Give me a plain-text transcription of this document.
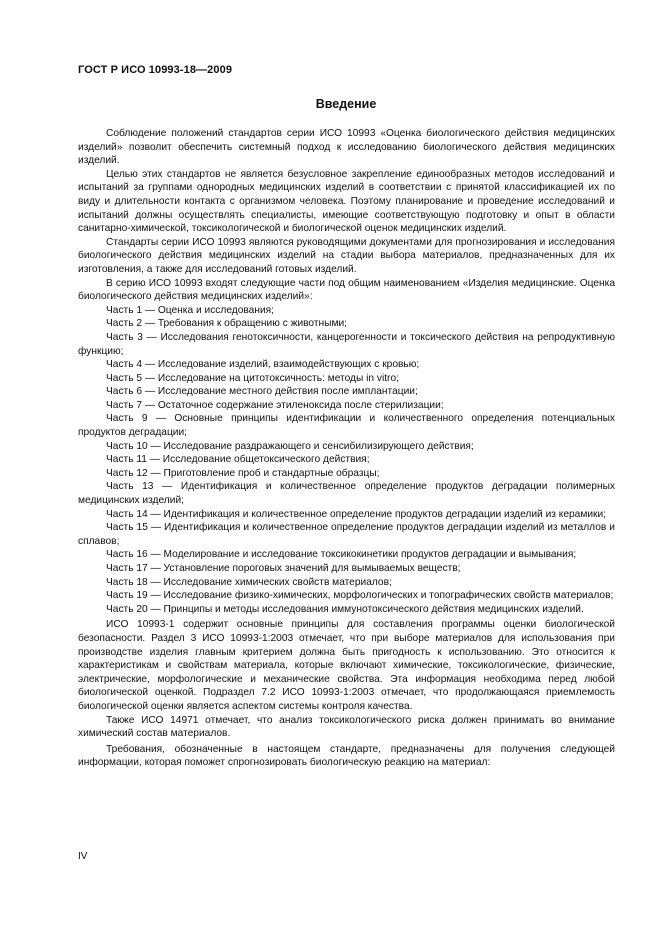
ГОСТ Р ИСО 10993-18—2009
Введение

Соблюдение положений стандартов серии ИСО 10993 «Оценка биологического действия медицинских изделий» позволит обеспечить системный подход к исследованию биологического действия медицинских изделий.

Целью этих стандартов не является безусловное закрепление единообразных методов исследований и испытаний за группами однородных медицинских изделий в соответствии с принятой классификацией их по виду и длительности контакта с организмом человека. Поэтому планирование и проведение исследований и испытаний должны осуществлять специалисты, имеющие соответствующую подготовку и опыт в области санитарно-химической, токсикологической и биологической оценок медицинских изделий.

Стандарты серии ИСО 10993 являются руководящими документами для прогнозирования и исследования биологического действия медицинских изделий на стадии выбора материалов, предназначенных для их изготовления, а также для исследований готовых изделий.

В серию ИСО 10993 входят следующие части под общим наименованием «Изделия медицинские. Оценка биологического действия медицинских изделий»:

Часть 1 — Оценка и исследования;

Часть 2 — Требования к обращению с животными;

Часть 3 — Исследования генотоксичности, канцерогенности и токсического действия на репродуктивную функцию;

Часть 4 — Исследование изделий, взаимодействующих с кровью;

Часть 5 — Исследование на цитотоксичность: методы in vitro;

Часть 6 — Исследование местного действия после имплантации;

Часть 7 — Остаточное содержание этиленоксида после стерилизации;

Часть 9 — Основные принципы идентификации и количественного определения потенциальных продуктов деградации;

Часть 10 — Исследование раздражающего и сенсибилизирующего действия;

Часть 11 — Исследование общетоксического действия;

Часть 12 — Приготовление проб и стандартные образцы;

Часть 13 — Идентификация и количественное определение продуктов деградации полимерных медицинских изделий;

Часть 14 — Идентификация и количественное определение продуктов деградации изделий из керамики;

Часть 15 — Идентификация и количественное определение продуктов деградации изделий из металлов и сплавов;

Часть 16 — Моделирование и исследование токсикокинетики продуктов деградации и вымывания;

Часть 17 — Установление пороговых значений для вымываемых веществ;

Часть 18 — Исследование химических свойств материалов;

Часть 19 — Исследование физико-химических, морфологических и топографических свойств материалов;

Часть 20 — Принципы и методы исследования иммунотоксического действия медицинских изделий.

ИСО 10993-1 содержит основные принципы для составления программы оценки биологической безопасности. Раздел 3 ИСО 10993-1:2003 отмечает, что при выборе материалов для использования при производстве изделия главным критерием должна быть пригодность к использованию. Это относится к характеристикам и свойствам материала, которые включают химические, токсикологические, физические, электрические, морфологические и механические свойства. Эта информация необходима перед любой биологической оценкой. Подраздел 7.2 ИСО 10993-1:2003 отмечает, что продолжающаяся приемлемость биологической оценки является аспектом системы контроля качества.

Также ИСО 14971 отмечает, что анализ токсикологического риска должен принимать во внимание химический состав материалов.

Требования, обозначенные в настоящем стандарте, предназначены для получения следующей информации, которая поможет спрогнозировать биологическую реакцию на материал:

IV
